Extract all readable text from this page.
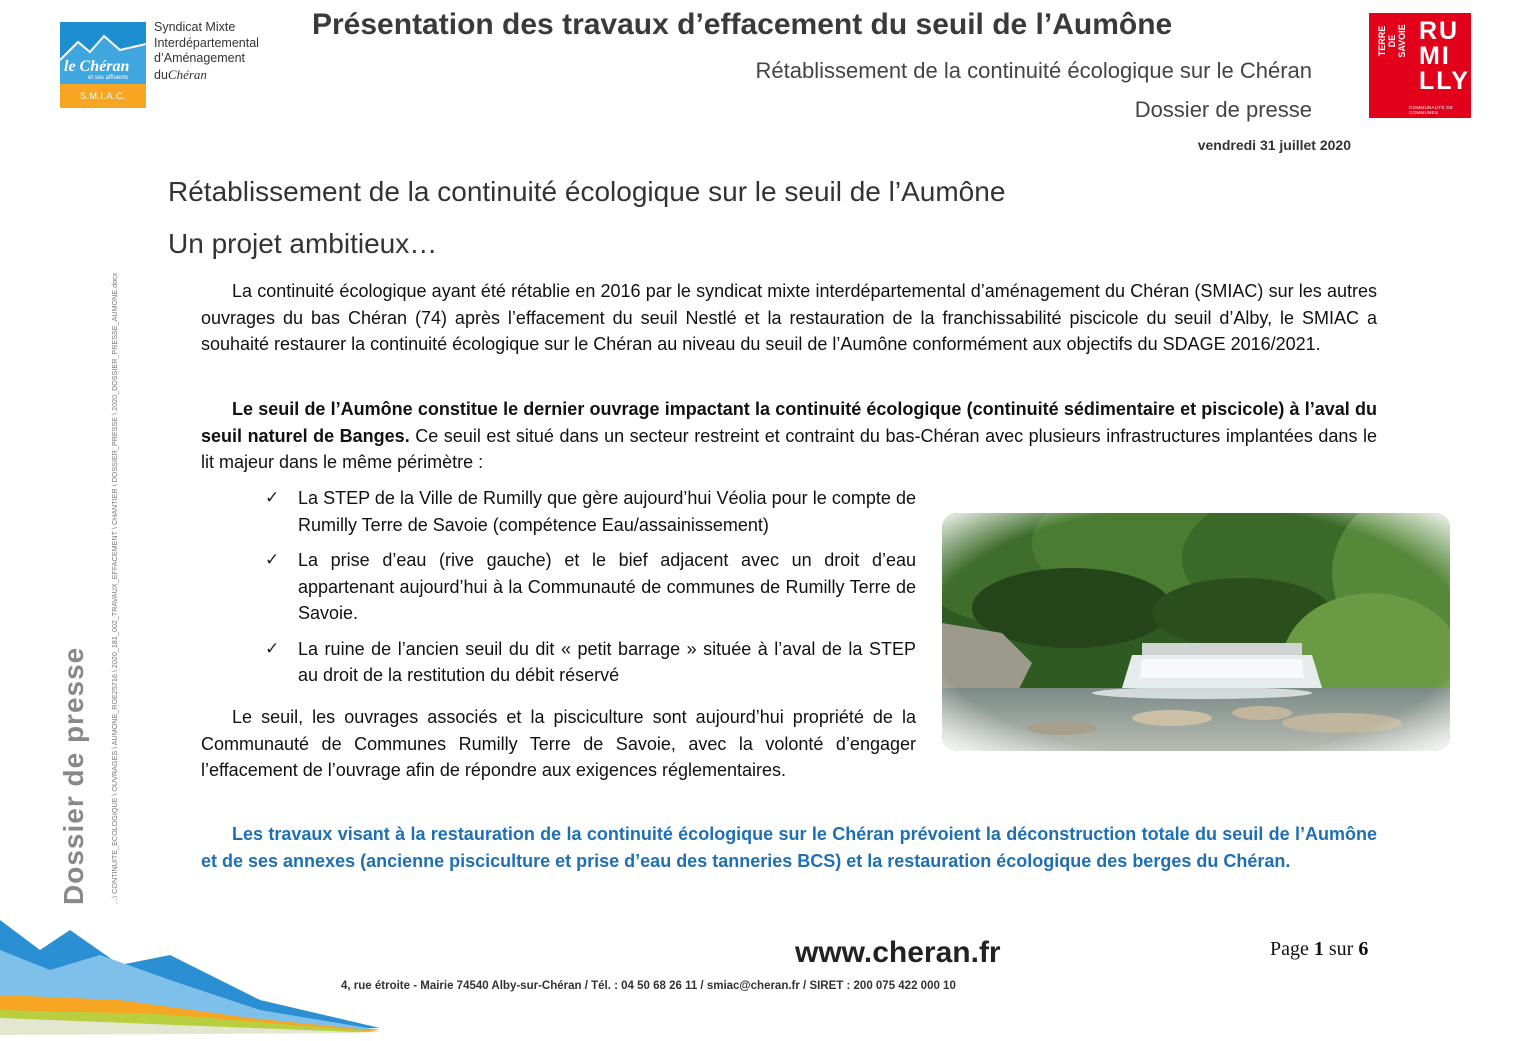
le Chéran
et ses affluents
S.M.I.A.C.
Syndicat Mixte
Interdépartemental
d’Aménagement
duChéran
Présentation des travaux d’effacement du seuil de l’Aumône
Rétablissement de la continuité écologique sur le Chéran
Dossier de presse
vendredi 31 juillet 2020
RU
MI
LLY
TERRE DE SAVOIE
COMMUNAUTÉ DE COMMUNES
Dossier de presse	…\ CONTINUITE_ECOLOGIQUE \ OUVRAGES \ AUMONE_ROE25716 \ 2020_181_002_TRAVAUX_EFFACEMENT \ CHANTIER \ DOSSIER_PRESSE \ 2020_DOSSIER_PRESSE_AUMONE.docx
Rétablissement de la continuité écologique sur le seuil de l’Aumône
Un projet ambitieux…

La continuité écologique ayant été rétablie en 2016 par le syndicat mixte interdépartemental d’aménagement du Chéran (SMIAC) sur les autres ouvrages du bas Chéran (74) après l’effacement du seuil Nestlé et la restauration de la franchissabilité piscicole du seuil d’Alby, le SMIAC a souhaité restaurer la continuité écologique sur le Chéran au niveau du seuil de l’Aumône conformément aux objectifs du SDAGE 2016/2021.

Le seuil de l’Aumône constitue le dernier ouvrage impactant la continuité écologique (continuité sédimentaire et piscicole) à l’aval du seuil naturel de Banges. Ce seuil est situé dans un secteur restreint et contraint du bas-Chéran avec plusieurs infrastructures implantées dans le lit majeur dans le même périmètre :

✓ La STEP de la Ville de Rumilly que gère aujourd’hui Véolia pour le compte de Rumilly Terre de Savoie (compétence Eau/assainissement)
✓ La prise d’eau (rive gauche) et le bief adjacent avec un droit d’eau appartenant aujourd’hui à la Communauté de communes de Rumilly Terre de Savoie.
✓ La ruine de l’ancien seuil du dit « petit barrage » située à l’aval de la STEP au droit de la restitution du débit réservé

Le seuil, les ouvrages associés et la pisciculture sont aujourd’hui propriété de la Communauté de Communes Rumilly Terre de Savoie, avec la volonté d’engager l’effacement de l’ouvrage afin de répondre aux exigences réglementaires.

Les travaux visant à la restauration de la continuité écologique sur le Chéran prévoient la déconstruction totale du seuil de l’Aumône et de ses annexes (ancienne pisciculture et prise d’eau des tanneries BCS) et la restauration écologique des berges du Chéran.

www.cheran.fr
4, rue étroite - Mairie 74540 Alby-sur-Chéran / Tél. : 04 50 68 26 11 / smiac@cheran.fr / SIRET : 200 075 422 000 10
Page 1 sur 6
